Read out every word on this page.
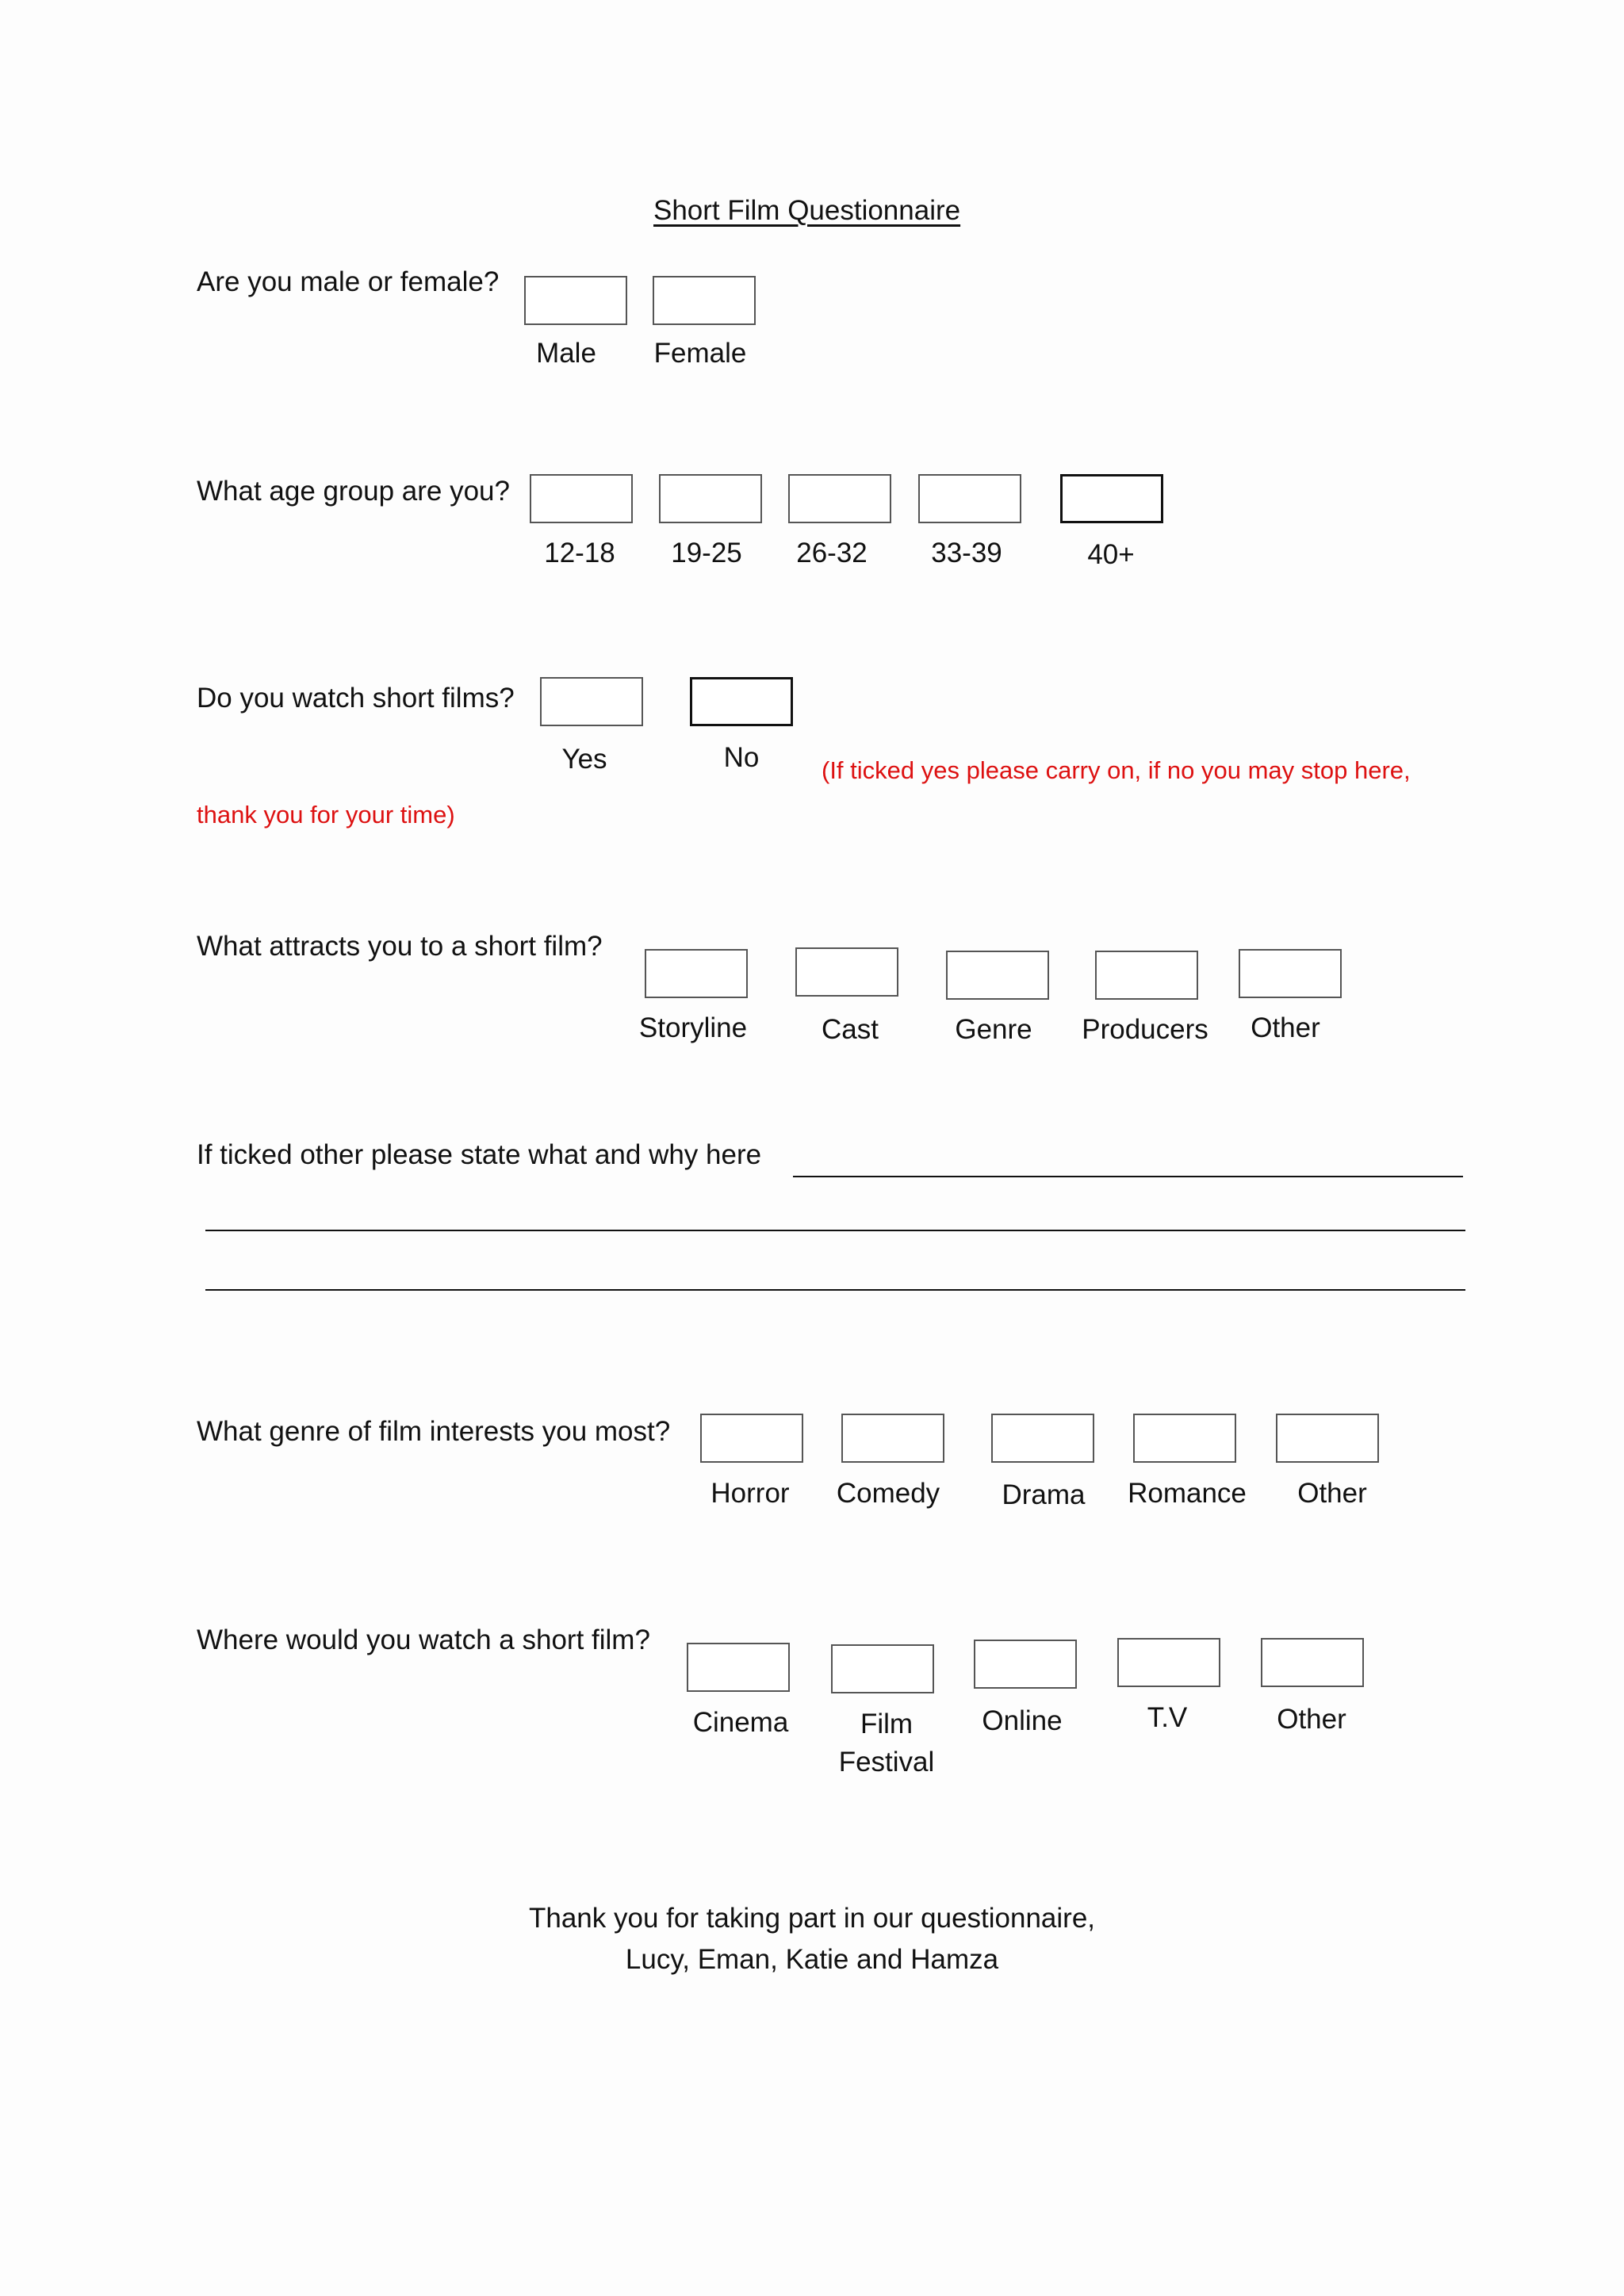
Short Film Questionnaire
Are you male or female?
Male Female
What age group are you?
12-18 19-25 26-32 33-39	40+
Do you watch short films?
Yes	No	(If ticked yes please carry on, if no you may stop here,
thank you for your time)
What attracts you to a short film?
Storyline	Cast	Genre Producers Other
If ticked other please state what and why here
What genre of film interests you most?
Horror Comedy Drama Romance Other
Where would you watch a short film?
Cinema	Film Festival
Online	T.V	Other
Thank you for taking part in our questionnaire,
Lucy, Eman, Katie and Hamza
